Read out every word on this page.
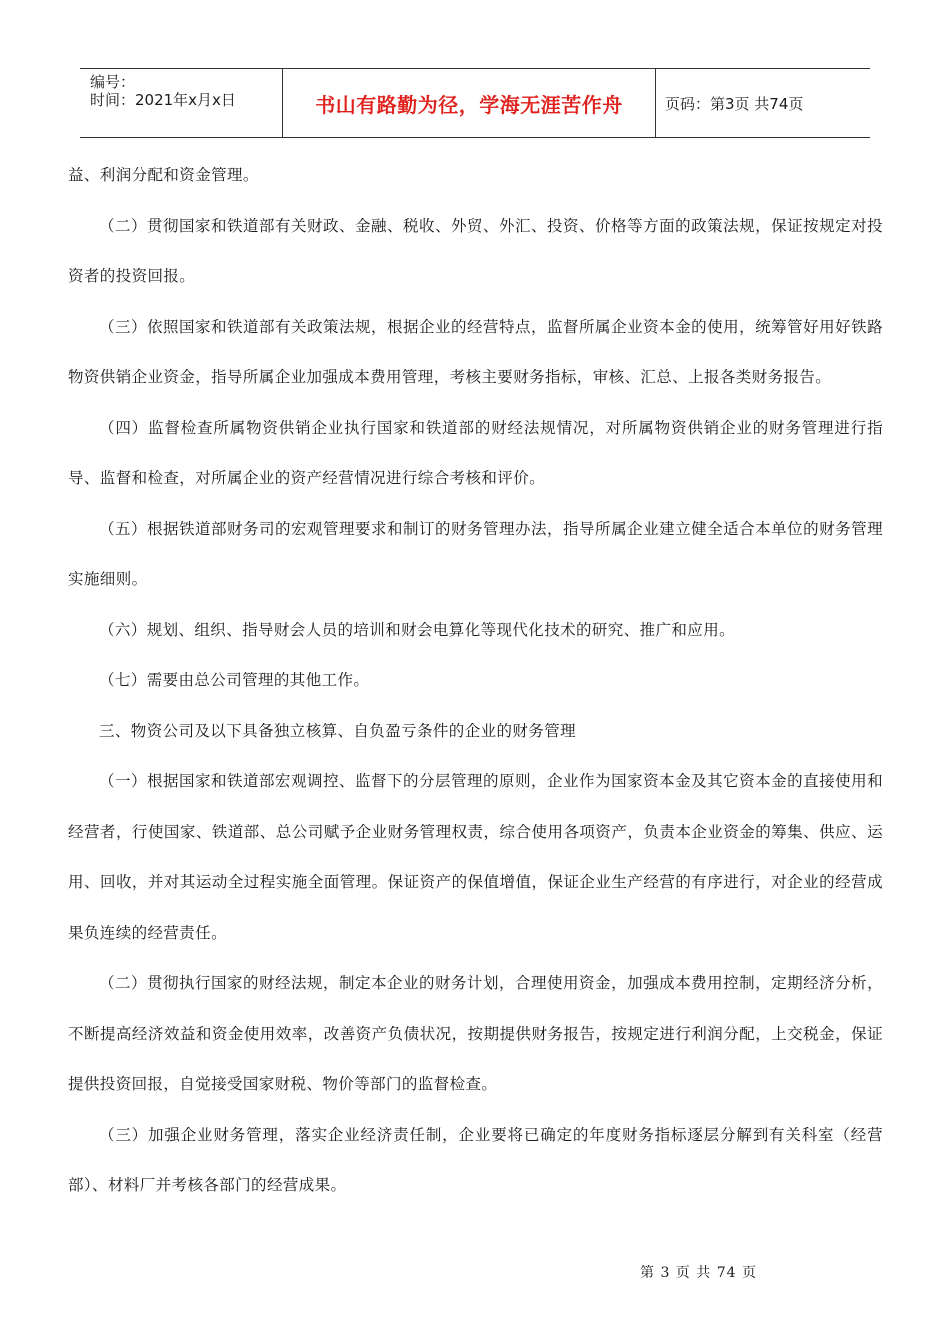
编号：
时间：2021年x月x日	书山有路勤为径，学海无涯苦作舟	页码：第3页 共74页

益、利润分配和资金管理。

（二）贯彻国家和铁道部有关财政、金融、税收、外贸、外汇、投资、价格等方面的政策法规，保证按规定对投资者的投资回报。

（三）依照国家和铁道部有关政策法规，根据企业的经营特点，监督所属企业资本金的使用，统筹管好用好铁路物资供销企业资金，指导所属企业加强成本费用管理，考核主要财务指标，审核、汇总、上报各类财务报告。

（四）监督检查所属物资供销企业执行国家和铁道部的财经法规情况，对所属物资供销企业的财务管理进行指导、监督和检查，对所属企业的资产经营情况进行综合考核和评价。

（五）根据铁道部财务司的宏观管理要求和制订的财务管理办法，指导所属企业建立健全适合本单位的财务管理实施细则。

（六）规划、组织、指导财会人员的培训和财会电算化等现代化技术的研究、推广和应用。

（七）需要由总公司管理的其他工作。

三、物资公司及以下具备独立核算、自负盈亏条件的企业的财务管理

（一）根据国家和铁道部宏观调控、监督下的分层管理的原则，企业作为国家资本金及其它资本金的直接使用和经营者，行使国家、铁道部、总公司赋予企业财务管理权责，综合使用各项资产，负责本企业资金的筹集、供应、运用、回收，并对其运动全过程实施全面管理。保证资产的保值增值，保证企业生产经营的有序进行，对企业的经营成果负连续的经营责任。

（二）贯彻执行国家的财经法规，制定本企业的财务计划，合理使用资金，加强成本费用控制，定期经济分析，不断提高经济效益和资金使用效率，改善资产负债状况，按期提供财务报告，按规定进行利润分配，上交税金，保证提供投资回报，自觉接受国家财税、物价等部门的监督检查。

（三）加强企业财务管理，落实企业经济责任制，企业要将已确定的年度财务指标逐层分解到有关科室（经营部）、材料厂并考核各部门的经营成果。

第 3 页 共 74 页
